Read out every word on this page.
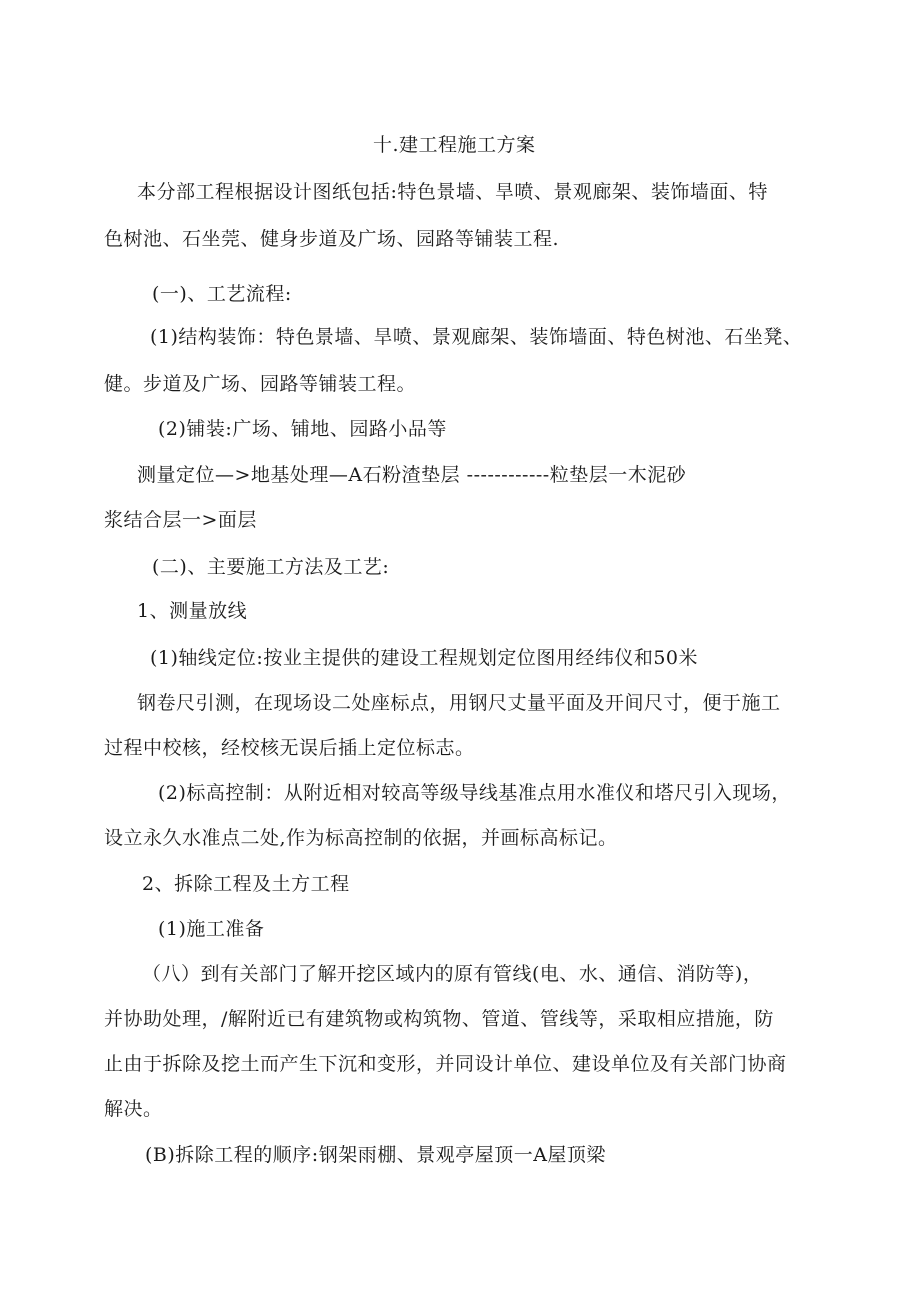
十.建工程施工方案
本分部工程根据设计图纸包括:特色景墙、旱喷、景观廊架、装饰墙面、特
色树池、石坐莞、健身步道及广场、园路等铺装工程.
(一)、工艺流程:
(1)结构装饰：特色景墙、旱喷、景观廊架、装饰墙面、特色树池、石坐凳、
健。步道及广场、园路等铺装工程。
(2)铺装:广场、铺地、园路小品等
测量定位—>地基处理—A石粉渣垫层 ------------粒垫层一木泥砂
浆结合层一>面层
(二)、主要施工方法及工艺:
1、测量放线
(1)轴线定位:按业主提供的建设工程规划定位图用经纬仪和50米
钢卷尺引测，在现场设二处座标点，用钢尺丈量平面及开间尺寸，便于施工
过程中校核，经校核无误后插上定位标志。
(2)标高控制：从附近相对较高等级导线基准点用水准仪和塔尺引入现场，
设立永久水准点二处,作为标高控制的依据，并画标高标记。
2、拆除工程及土方工程
(1)施工准备
（八）到有关部门了解开挖区域内的原有管线(电、水、通信、消防等)，
并协助处理，/解附近已有建筑物或构筑物、管道、管线等，采取相应措施，防
止由于拆除及挖土而产生下沉和变形，并同设计单位、建设单位及有关部门协商
解决。
(B)拆除工程的顺序:钢架雨棚、景观亭屋顶一A屋顶梁
